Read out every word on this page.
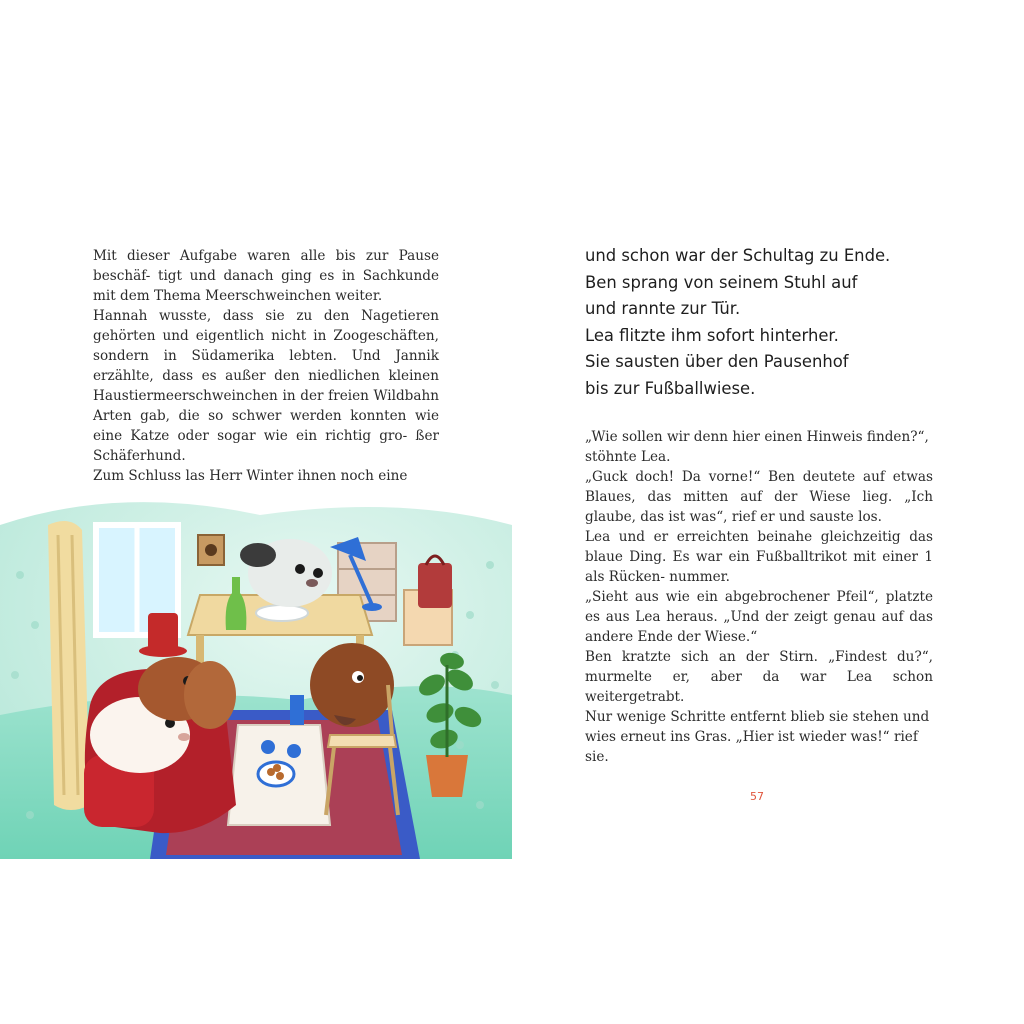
Mit dieser Aufgabe waren alle bis zur Pause beschäf- tigt und danach ging es in Sachkunde mit dem Thema Meerschweinchen weiter.

Hannah wusste, dass sie zu den Nagetieren gehörten und eigentlich nicht in Zoogeschäften, sondern in Südamerika lebten. Und Jannik erzählte, dass es außer den niedlichen kleinen Haustiermeerschweinchen in der freien Wildbahn Arten gab, die so schwer werden konnten wie eine Katze oder sogar wie ein richtig gro- ßer Schäferhund.

Zum Schluss las Herr Winter ihnen noch eine

und schon war der Schultag zu Ende.
Ben sprang von seinem Stuhl auf
und rannte zur Tür.
Lea flitzte ihm sofort hinterher.
Sie sausten über den Pausenhof
bis zur Fußballwiese.

„Wie sollen wir denn hier einen Hinweis finden?“, stöhnte Lea.

„Guck doch! Da vorne!“ Ben deutete auf etwas Blaues, das mitten auf der Wiese lieg. „Ich glaube, das ist was“, rief er und sauste los.

Lea und er erreichten beinahe gleichzeitig das blaue Ding. Es war ein Fußballtrikot mit einer 1 als Rücken- nummer.

„Sieht aus wie ein abgebrochener Pfeil“, platzte es aus Lea heraus. „Und der zeigt genau auf das andere Ende der Wiese.“

Ben kratzte sich an der Stirn. „Findest du?“, murmelte er, aber da war Lea schon weitergetrabt.

Nur wenige Schritte entfernt blieb sie stehen und wies erneut ins Gras. „Hier ist wieder was!“ rief sie.

57
